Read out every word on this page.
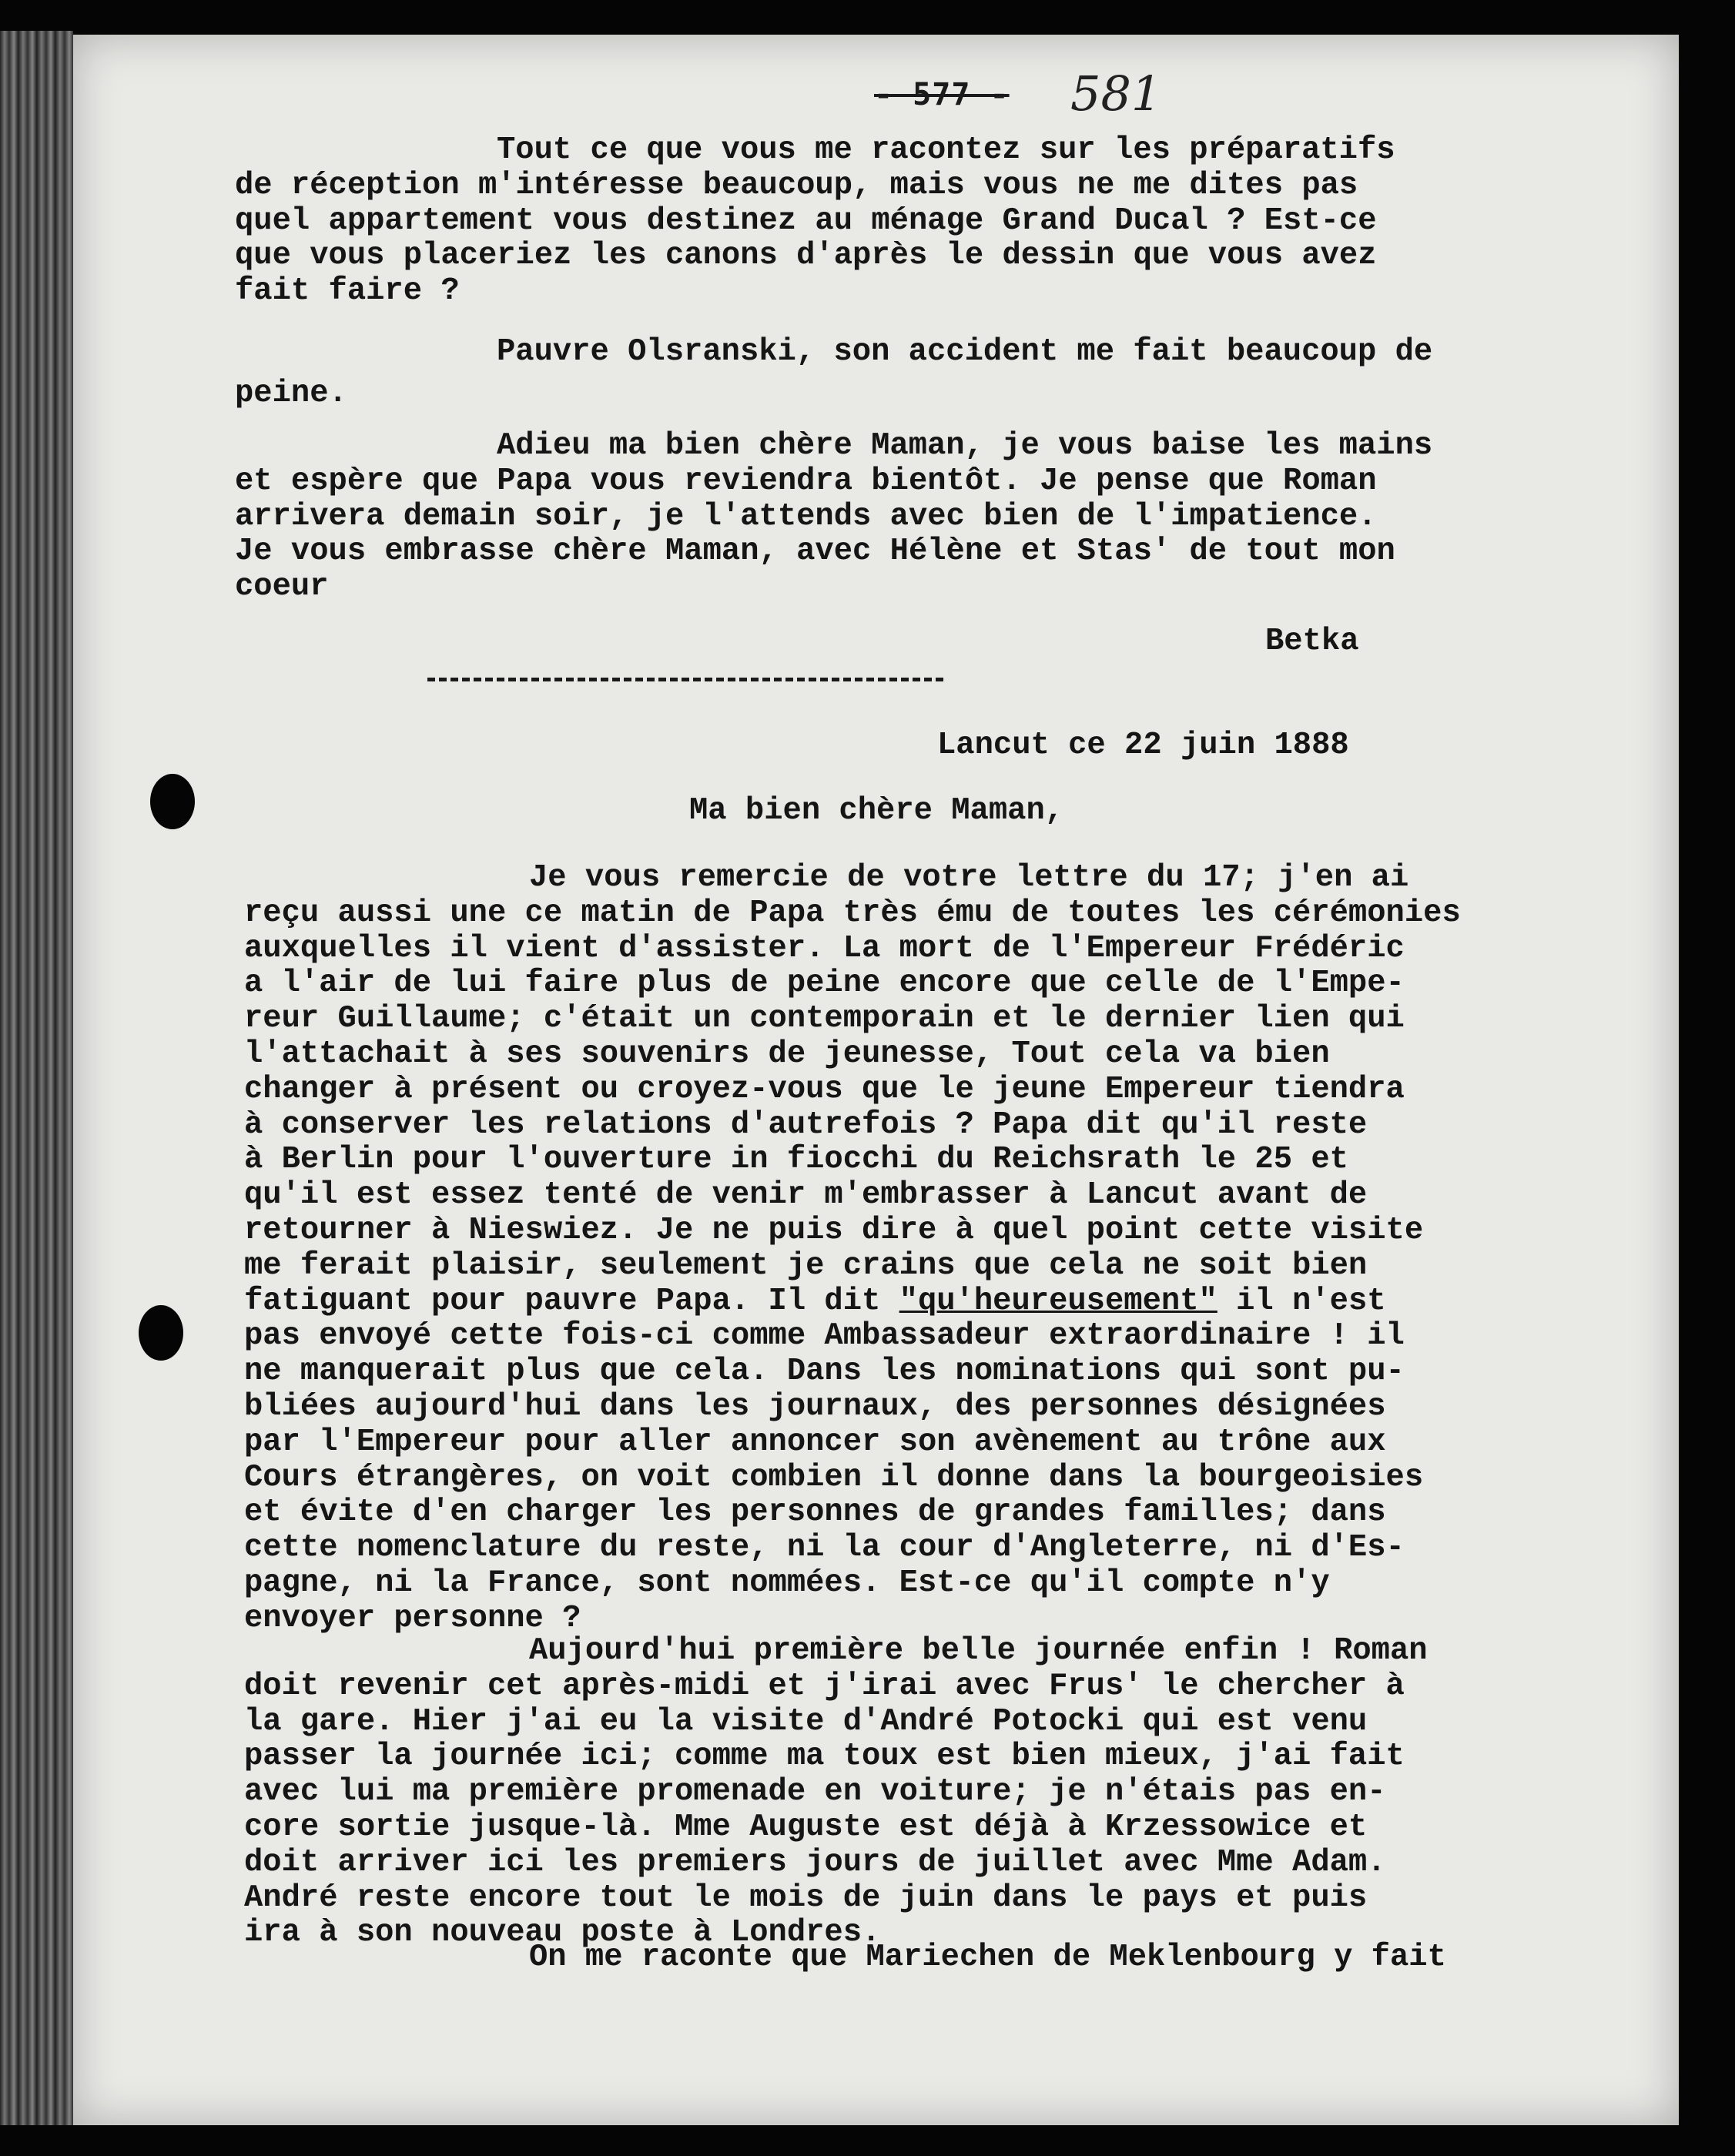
- 577 - 581
Tout ce que vous me racontez sur les préparatifs
de réception m'intéresse beaucoup, mais vous ne me dites pas
quel appartement vous destinez au ménage Grand Ducal ? Est-ce
que vous placeriez les canons d'après le dessin que vous avez
fait faire ?
Pauvre Olsranski, son accident me fait beaucoup de
peine.
Adieu ma bien chère Maman, je vous baise les mains
et espère que Papa vous reviendra bientôt. Je pense que Roman
arrivera demain soir, je l'attends avec bien de l'impatience.
Je vous embrasse chère Maman, avec Hélène et Stas' de tout mon
coeur
Betka
Lancut ce 22 juin 1888
Ma bien chère Maman,
Je vous remercie de votre lettre du 17; j'en ai
reçu aussi une ce matin de Papa très ému de toutes les cérémonies
auxquelles il vient d'assister. La mort de l'Empereur Frédéric
a l'air de lui faire plus de peine encore que celle de l'Empe-
reur Guillaume; c'était un contemporain et le dernier lien qui
l'attachait à ses souvenirs de jeunesse, Tout cela va bien
changer à présent ou croyez-vous que le jeune Empereur tiendra
à conserver les relations d'autrefois ? Papa dit qu'il reste
à Berlin pour l'ouverture in fiocchi du Reichsrath le 25 et
qu'il est essez tenté de venir m'embrasser à Lancut avant de
retourner à Nieswiez. Je ne puis dire à quel point cette visite
me ferait plaisir, seulement je crains que cela ne soit bien
fatiguant pour pauvre Papa. Il dit "qu'heureusement" il n'est
pas envoyé cette fois-ci comme Ambassadeur extraordinaire ! il
ne manquerait plus que cela. Dans les nominations qui sont pu-
bliées aujourd'hui dans les journaux, des personnes désignées
par l'Empereur pour aller annoncer son avènement au trône aux
Cours étrangères, on voit combien il donne dans la bourgeoisies
et évite d'en charger les personnes de grandes familles; dans
cette nomenclature du reste, ni la cour d'Angleterre, ni d'Es-
pagne, ni la France, sont nommées. Est-ce qu'il compte n'y
envoyer personne ?
Aujourd'hui première belle journée enfin ! Roman
doit revenir cet après-midi et j'irai avec Frus' le chercher à
la gare. Hier j'ai eu la visite d'André Potocki qui est venu
passer la journée ici; comme ma toux est bien mieux, j'ai fait
avec lui ma première promenade en voiture; je n'étais pas en-
core sortie jusque-là. Mme Auguste est déjà à Krzessowice et
doit arriver ici les premiers jours de juillet avec Mme Adam.
André reste encore tout le mois de juin dans le pays et puis
ira à son nouveau poste à Londres.
On me raconte que Mariechen de Meklenbourg y fait
